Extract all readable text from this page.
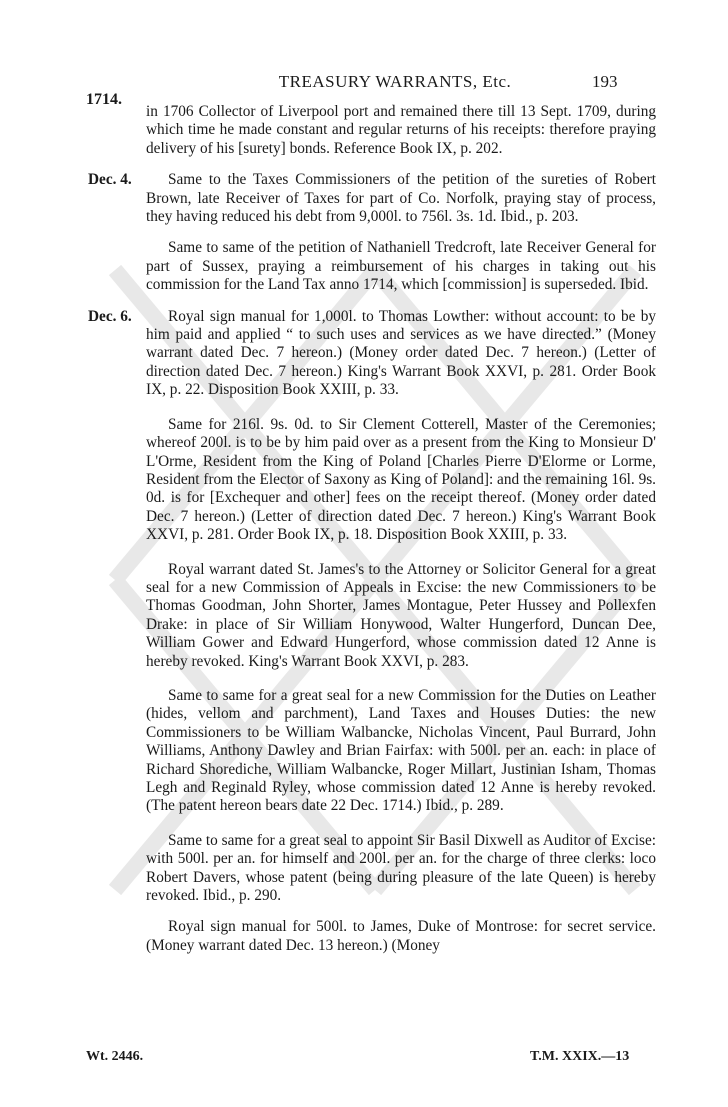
1714.
TREASURY WARRANTS, Etc.	193
in 1706 Collector of Liverpool port and remained there till 13 Sept. 1709, during which time he made constant and regular returns of his receipts: therefore praying delivery of his [surety] bonds. Reference Book IX, p. 202.
Dec. 4. Same to the Taxes Commissioners of the petition of the sureties of Robert Brown, late Receiver of Taxes for part of Co. Norfolk, praying stay of process, they having reduced his debt from 9,000l. to 756l. 3s. 1d. Ibid., p. 203.
Same to same of the petition of Nathaniell Tredcroft, late Receiver General for part of Sussex, praying a reimbursement of his charges in taking out his commission for the Land Tax anno 1714, which [commission] is superseded. Ibid.
Dec. 6. Royal sign manual for 1,000l. to Thomas Lowther: without account: to be by him paid and applied “ to such uses and services as we have directed.” (Money warrant dated Dec. 7 hereon.) (Money order dated Dec. 7 hereon.) (Letter of direction dated Dec. 7 hereon.) King's Warrant Book XXVI, p. 281. Order Book IX, p. 22. Disposition Book XXIII, p. 33.
Same for 216l. 9s. 0d. to Sir Clement Cotterell, Master of the Ceremonies; whereof 200l. is to be by him paid over as a present from the King to Monsieur D' L'Orme, Resident from the King of Poland [Charles Pierre D'Elorme or Lorme, Resident from the Elector of Saxony as King of Poland]: and the remaining 16l. 9s. 0d. is for [Exchequer and other] fees on the receipt thereof. (Money order dated Dec. 7 hereon.) (Letter of direction dated Dec. 7 hereon.) King's Warrant Book XXVI, p. 281. Order Book IX, p. 18. Disposition Book XXIII, p. 33.
Royal warrant dated St. James's to the Attorney or Solicitor General for a great seal for a new Commission of Appeals in Excise: the new Commissioners to be Thomas Goodman, John Shorter, James Montague, Peter Hussey and Pollexfen Drake: in place of Sir William Honywood, Walter Hungerford, Duncan Dee, William Gower and Edward Hungerford, whose commission dated 12 Anne is hereby revoked. King's Warrant Book XXVI, p. 283.
Same to same for a great seal for a new Commission for the Duties on Leather (hides, vellom and parchment), Land Taxes and Houses Duties: the new Commissioners to be William Walbancke, Nicholas Vincent, Paul Burrard, John Williams, Anthony Dawley and Brian Fairfax: with 500l. per an. each: in place of Richard Shorediche, William Walbancke, Roger Millart, Justinian Isham, Thomas Legh and Reginald Ryley, whose commission dated 12 Anne is hereby revoked. (The patent hereon bears date 22 Dec. 1714.) Ibid., p. 289.
Same to same for a great seal to appoint Sir Basil Dixwell as Auditor of Excise: with 500l. per an. for himself and 200l. per an. for the charge of three clerks: loco Robert Davers, whose patent (being during pleasure of the late Queen) is hereby revoked. Ibid., p. 290.
Royal sign manual for 500l. to James, Duke of Montrose: for secret service. (Money warrant dated Dec. 13 hereon.) (Money
Wt. 2446.	T.M. XXIX.—13
